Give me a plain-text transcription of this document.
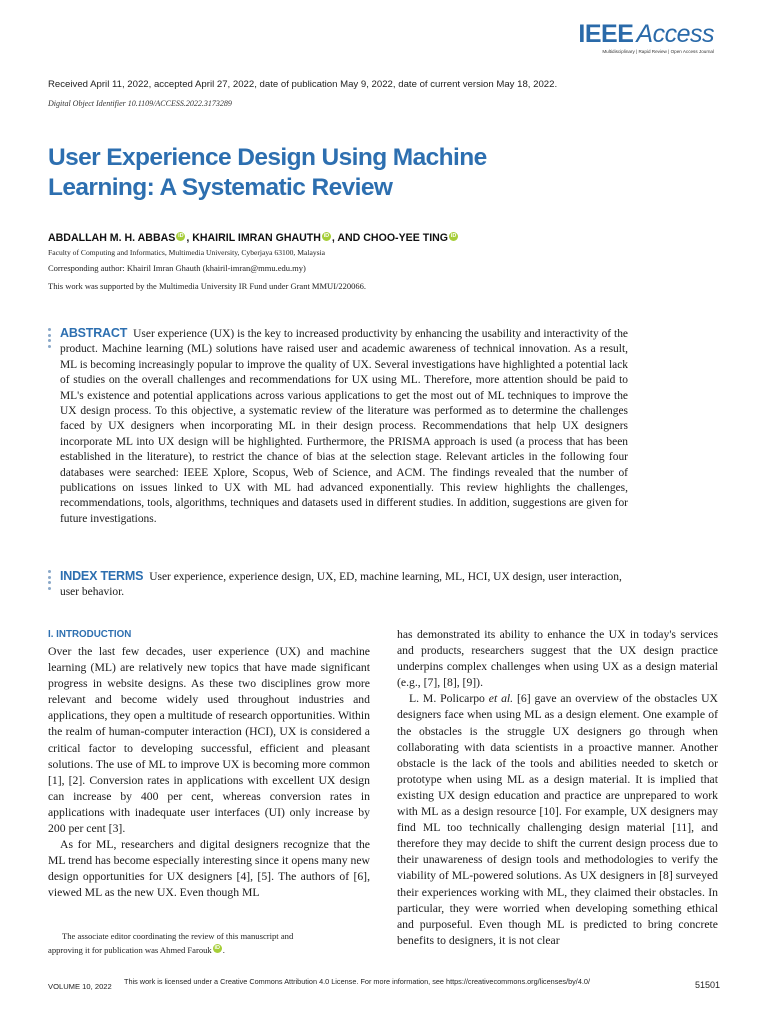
IEEE Access
Multidisciplinary | Rapid Review | Open Access Journal
Received April 11, 2022, accepted April 27, 2022, date of publication May 9, 2022, date of current version May 18, 2022.
Digital Object Identifier 10.1109/ACCESS.2022.3173289
User Experience Design Using Machine
Learning: A Systematic Review
ABDALLAH M. H. ABBAS iD , KHAIRIL IMRAN GHAUTH iD , AND CHOO-YEE TING iD
Faculty of Computing and Informatics, Multimedia University, Cyberjaya 63100, Malaysia
Corresponding author: Khairil Imran Ghauth (khairil-imran@mmu.edu.my)
This work was supported by the Multimedia University IR Fund under Grant MMUI/220066.
ABSTRACT User experience (UX) is the key to increased productivity by enhancing the usability and interactivity of the product. Machine learning (ML) solutions have raised user and academic awareness of technical innovation. As a result, ML is becoming increasingly popular to improve the quality of UX. Several investigations have highlighted a potential lack of studies on the overall challenges and recommendations for UX using ML. Therefore, more attention should be paid to ML's existence and potential applications across various applications to get the most out of ML techniques to improve the UX design process. To this objective, a systematic review of the literature was performed as to determine the challenges faced by UX designers when incorporating ML in their design process. Recommendations that help UX designers incorporate ML into UX design will be highlighted. Furthermore, the PRISMA approach is used (a process that has been established in the literature), to restrict the chance of bias at the selection stage. Relevant articles in the following four databases were searched: IEEE Xplore, Scopus, Web of Science, and ACM. The findings revealed that the number of publications on issues linked to UX with ML had advanced exponentially. This review highlights the challenges, recommendations, tools, algorithms, techniques and datasets used in different studies. In addition, suggestions are given for future investigations.
INDEX TERMS User experience, experience design, UX, ED, machine learning, ML, HCI, UX design, user interaction, user behavior.
I. INTRODUCTION

Over the last few decades, user experience (UX) and machine learning (ML) are relatively new topics that have made significant progress in website designs. As these two disciplines grow more relevant and become widely used throughout industries and applications, they open a multitude of research opportunities. Within the realm of human-computer interaction (HCI), UX is considered a critical factor to developing successful, efficient and pleasant solutions. The use of ML to improve UX is becoming more common [1], [2]. Conversion rates in applications with excellent UX design can increase by 400 per cent, whereas conversion rates in applications with inadequate user interfaces (UI) only increase by 200 per cent [3].

As for ML, researchers and digital designers recognize that the ML trend has become especially interesting since it opens many new design opportunities for UX designers [4], [5]. The authors of [6], viewed ML as the new UX. Even though ML

has demonstrated its ability to enhance the UX in today's services and products, researchers suggest that the UX design practice underpins complex challenges when using UX as a design material (e.g., [7], [8], [9]).

L. M. Policarpo et al. [6] gave an overview of the obstacles UX designers face when using ML as a design element. One example of the obstacles is the struggle UX designers go through when collaborating with data scientists in a proactive manner. Another obstacle is the lack of the tools and abilities needed to sketch or prototype when using ML as a design material. It is implied that existing UX design education and practice are unprepared to work with ML as a design resource [10]. For example, UX designers may find ML too technically challenging design material [11], and therefore they may decide to shift the current design process due to their unawareness of design tools and methodologies to verify the viability of ML-powered solutions. As UX designers in [8] surveyed their experiences working with ML, they claimed their obstacles. In particular, they were worried when developing something ethical and purposeful. Even though ML is predicted to bring concrete benefits to designers, it is not clear

The associate editor coordinating the review of this manuscript and

approving it for publication was Ahmed Farouk iD .

VOLUME 10, 2022
This work is licensed under a Creative Commons Attribution 4.0 License. For more information, see https://creativecommons.org/licenses/by/4.0/	51501
